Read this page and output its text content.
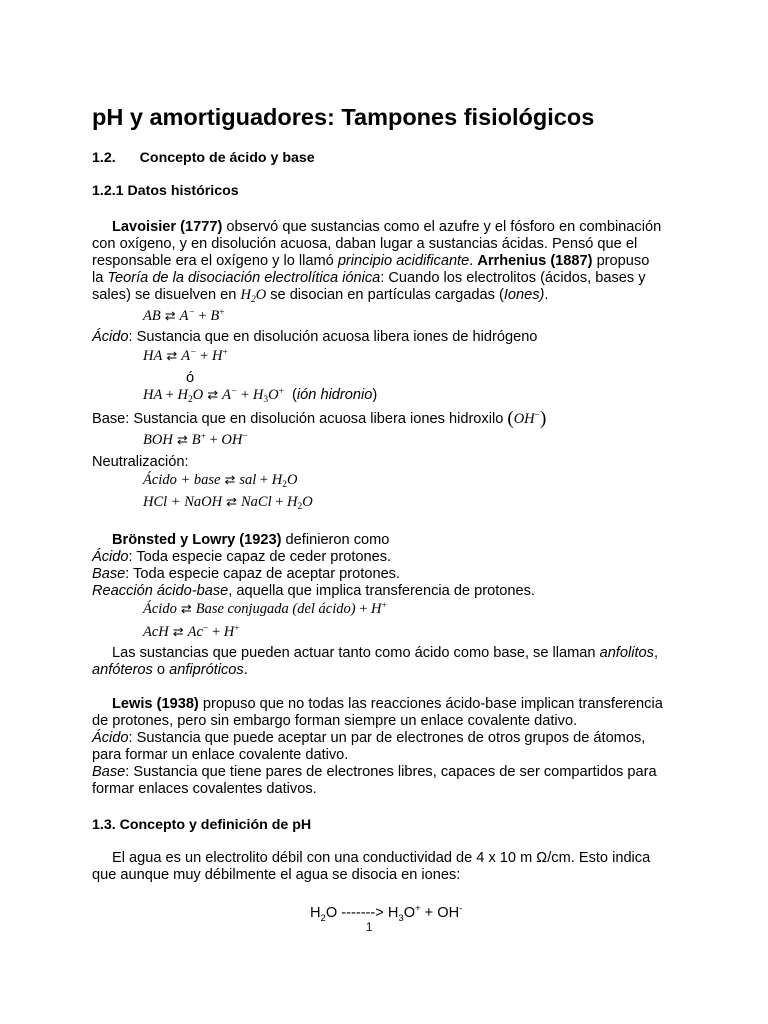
pH y amortiguadores: Tampones fisiológicos
1.2. Concepto de ácido y base
1.2.1 Datos históricos
Lavoisier (1777) observó que sustancias como el azufre y el fósforo en combinación
con oxígeno, y en disolución acuosa, daban lugar a sustancias ácidas. Pensó que el
responsable era el oxígeno y lo llamó principio acidificante. Arrhenius (1887) propuso
la Teoría de la disociación electrolítica iónica: Cuando los electrolitos (ácidos, bases y
sales) se disuelven en $H_2O$ se disocian en partículas cargadas (Iones).
AB ⇄ A− + B+
Ácido: Sustancia que en disolución acuosa libera iones de hidrógeno
HA ⇄ A− + H+
ó
HA + $H_2O$ ⇄ $A^- + H_3O^+$  (ión hidronio)
Base: Sustancia que en disolución acuosa libera iones hidroxilo (OH−)
BOH ⇄ B+ + OH−
Neutralización:
Ácido + base ⇄ sal + $H_2O$
HCl + NaOH ⇄ NaCl + $H_2O$
Brönsted y Lowry (1923) definieron como
Ácido: Toda especie capaz de ceder protones.
Base: Toda especie capaz de aceptar protones.
Reacción ácido-base, aquella que implica transferencia de protones.
Ácido ⇄ Base conjugada (del ácido) + H+
AcH ⇄ Ac− + H+
Las sustancias que pueden actuar tanto como ácido como base, se llaman anfolitos,
anfóteros o anfipróticos.
Lewis (1938) propuso que no todas las reacciones ácido-base implican transferencia
de protones, pero sin embargo forman siempre un enlace covalente dativo.
Ácido: Sustancia que puede aceptar un par de electrones de otros grupos de átomos,
para formar un enlace covalente dativo.
Base: Sustancia que tiene pares de electrones libres, capaces de ser compartidos para
formar enlaces covalentes dativos.
1.3. Concepto y definición de pH
El agua es un electrolito débil con una conductividad de 4 x 10 m Ω/cm. Esto indica
que aunque muy débilmente el agua se disocia en iones:
$H_2O$ -------> $H_3O^+ + OH^-$
1
